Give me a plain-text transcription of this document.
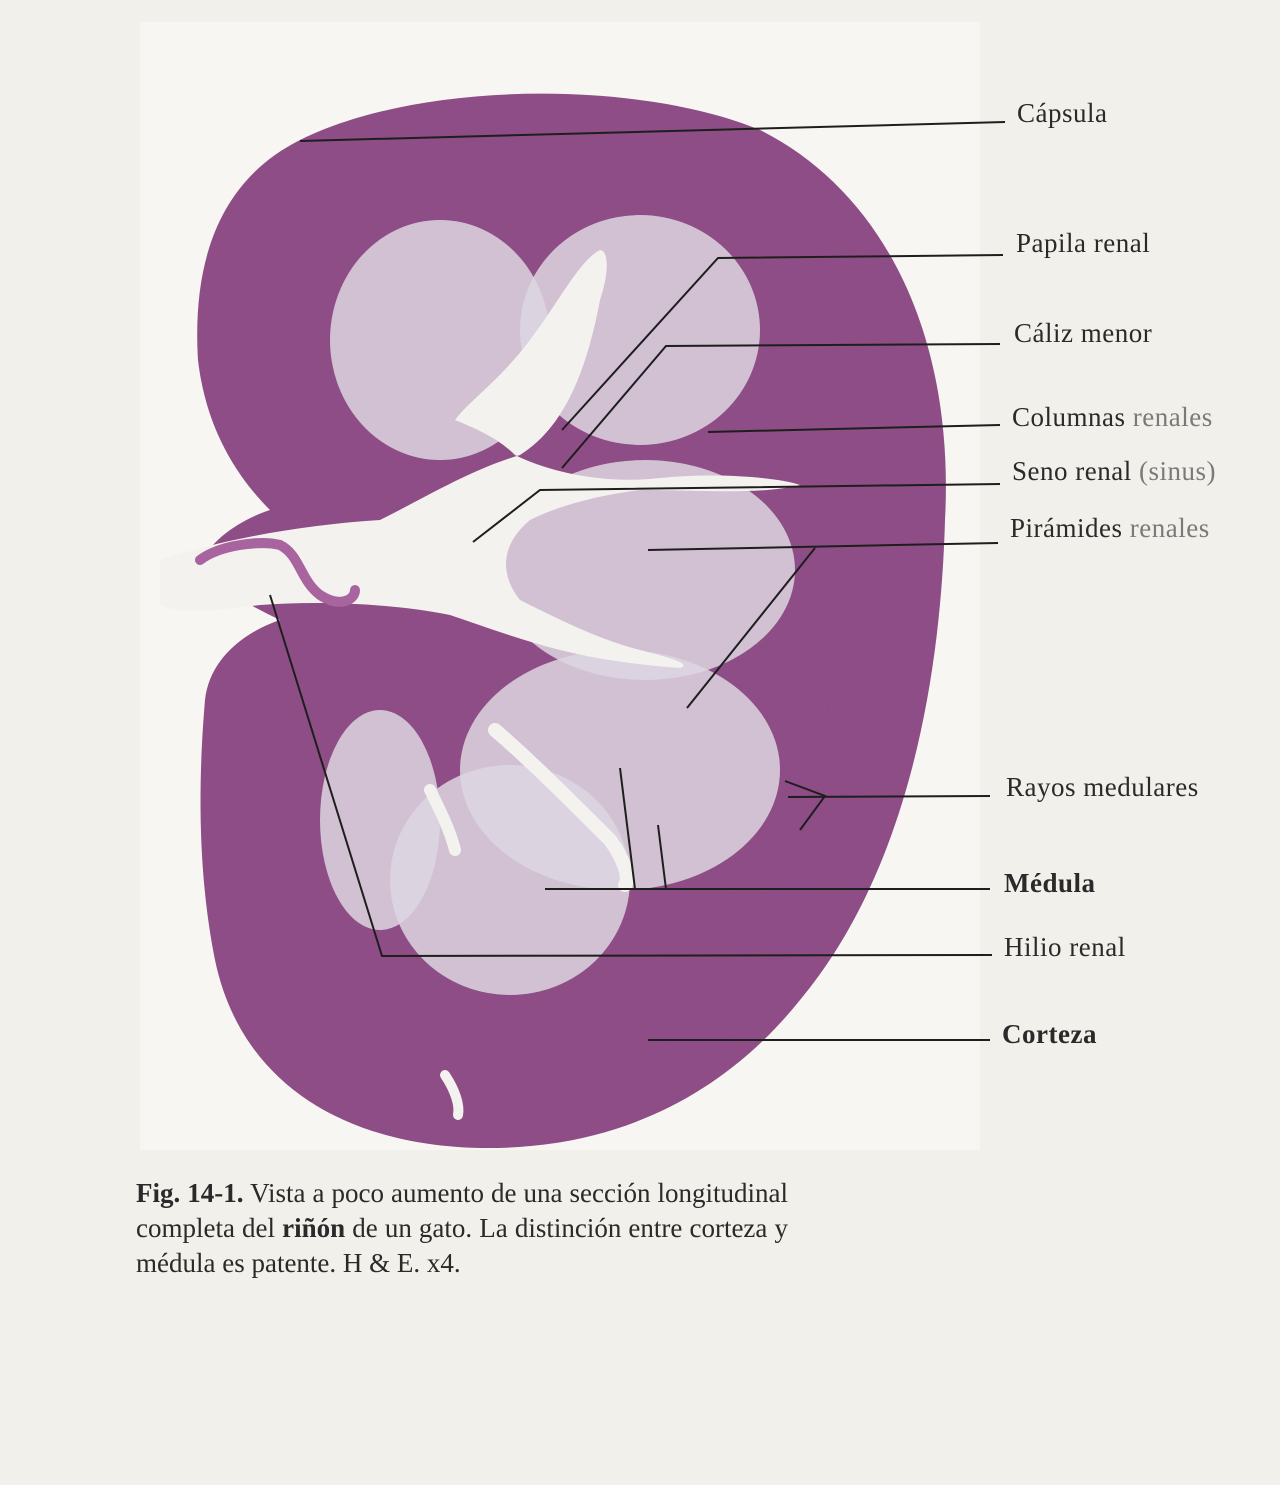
Cápsula
Papila renal
Cáliz menor
Columnas renales
Seno renal (sinus)
Pirámides renales
Rayos medulares
Médula
Hilio renal
Corteza
Fig. 14-1. Vista a poco aumento de una sección longitudinal completa del riñón de un gato. La distinción entre corteza y médula es patente. H & E. x4.
